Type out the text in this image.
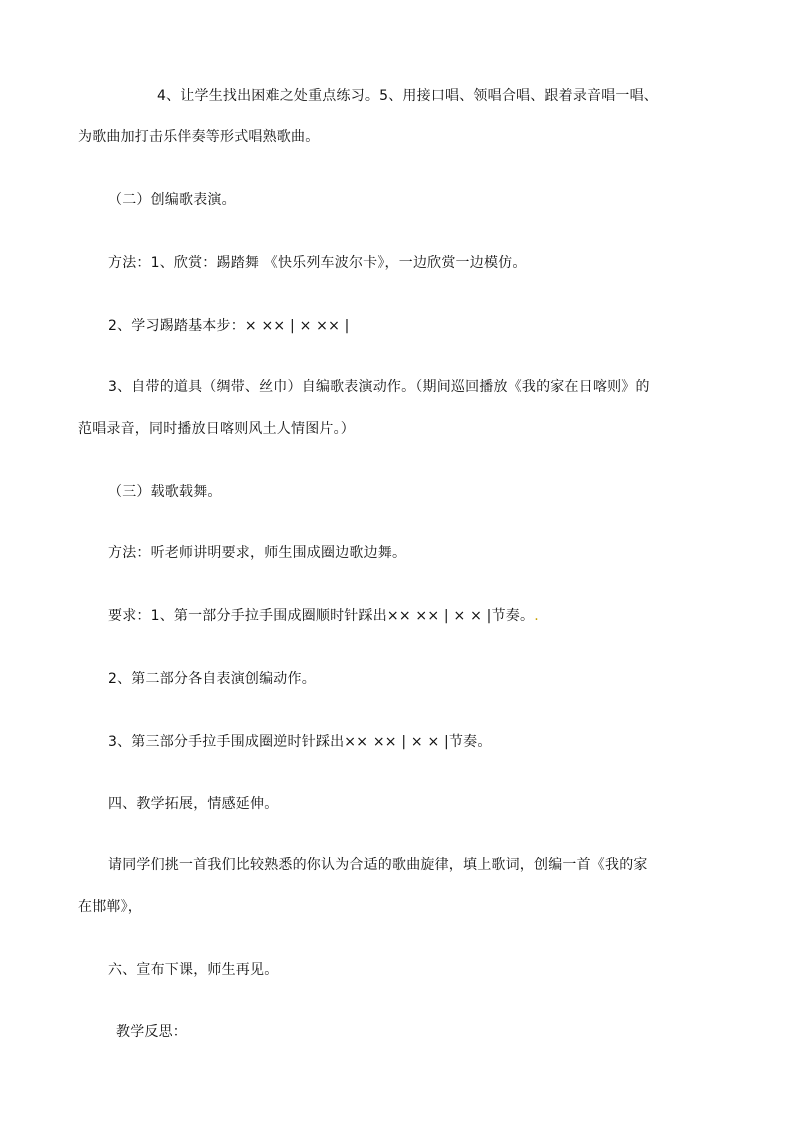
4、让学生找出困难之处重点练习。5、用接口唱、领唱合唱、跟着录音唱一唱、
为歌曲加打击乐伴奏等形式唱熟歌曲。
（二）创编歌表演。
方法：1、欣赏：踢踏舞 《快乐列车波尔卡》，一边欣赏一边模仿。
2、学习踢踏基本步：× ×× | × ×× |
3、自带的道具（绸带、丝巾）自编歌表演动作。（期间巡回播放《我的家在日喀则》的
范唱录音，同时播放日喀则风土人情图片。）
（三）载歌载舞。
方法：听老师讲明要求，师生围成圈边歌边舞。
要求：1、第一部分手拉手围成圈顺时针踩出×× ×× | × × |节奏。.
2、第二部分各自表演创编动作。
3、第三部分手拉手围成圈逆时针踩出×× ×× | × × |节奏。
四、教学拓展，情感延伸。
请同学们挑一首我们比较熟悉的你认为合适的歌曲旋律，填上歌词，创编一首《我的家
在邯郸》，
六、宣布下课，师生再见。
教学反思：
